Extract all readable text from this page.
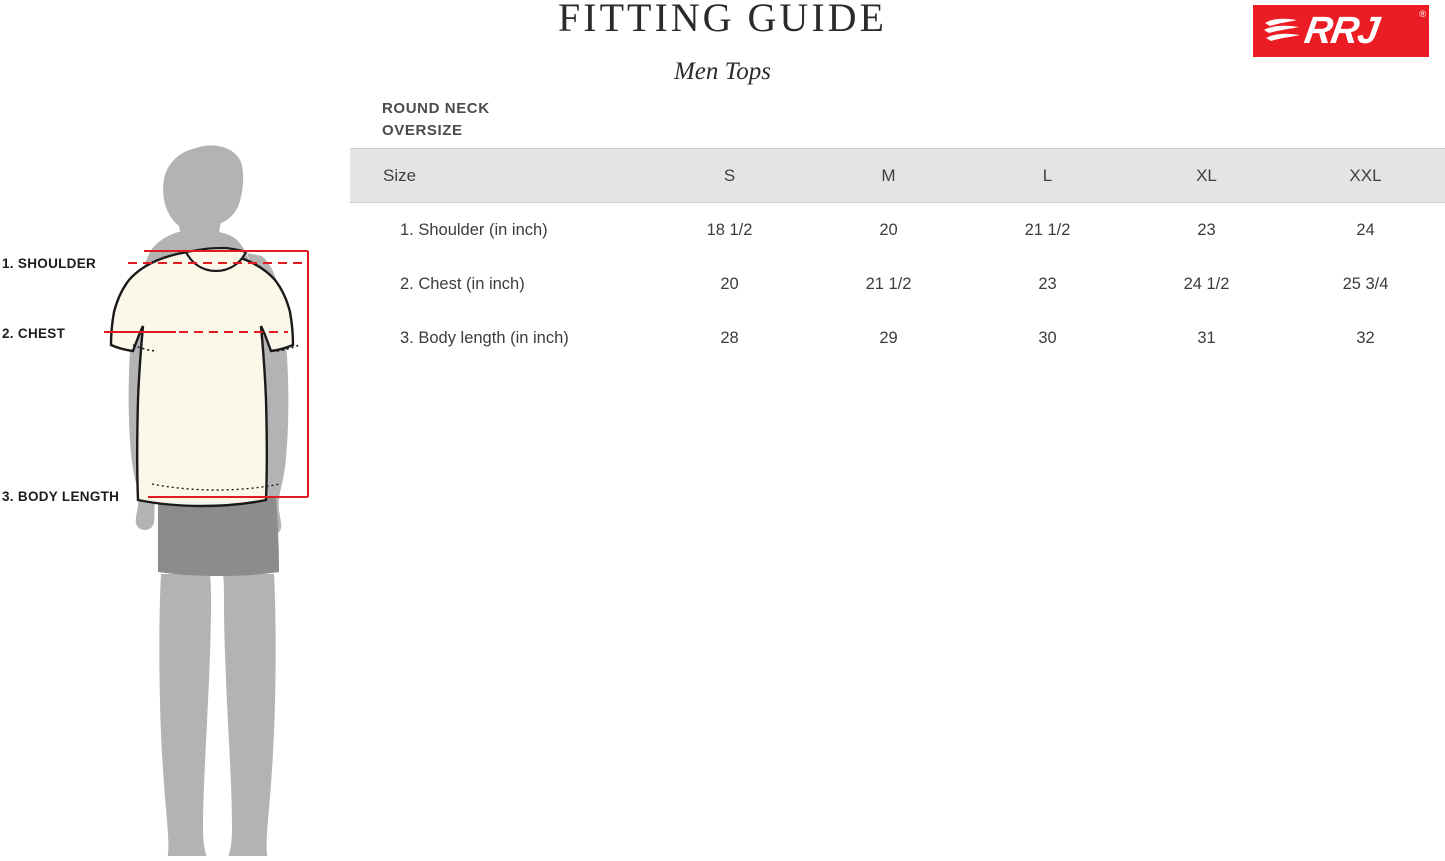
FITTING GUIDE
Men Tops
RRJ	®
ROUND NECK
OVERSIZE
Size	S	M	L	XL	XXL
1. Shoulder (in inch)	18 1/2	20	21 1/2	23	24
2. Chest (in inch)	20	21 1/2	23	24 1/2	25 3/4
3. Body length (in inch)	28	29	30	31	32
1. SHOULDER
2. CHEST
3. BODY LENGTH
